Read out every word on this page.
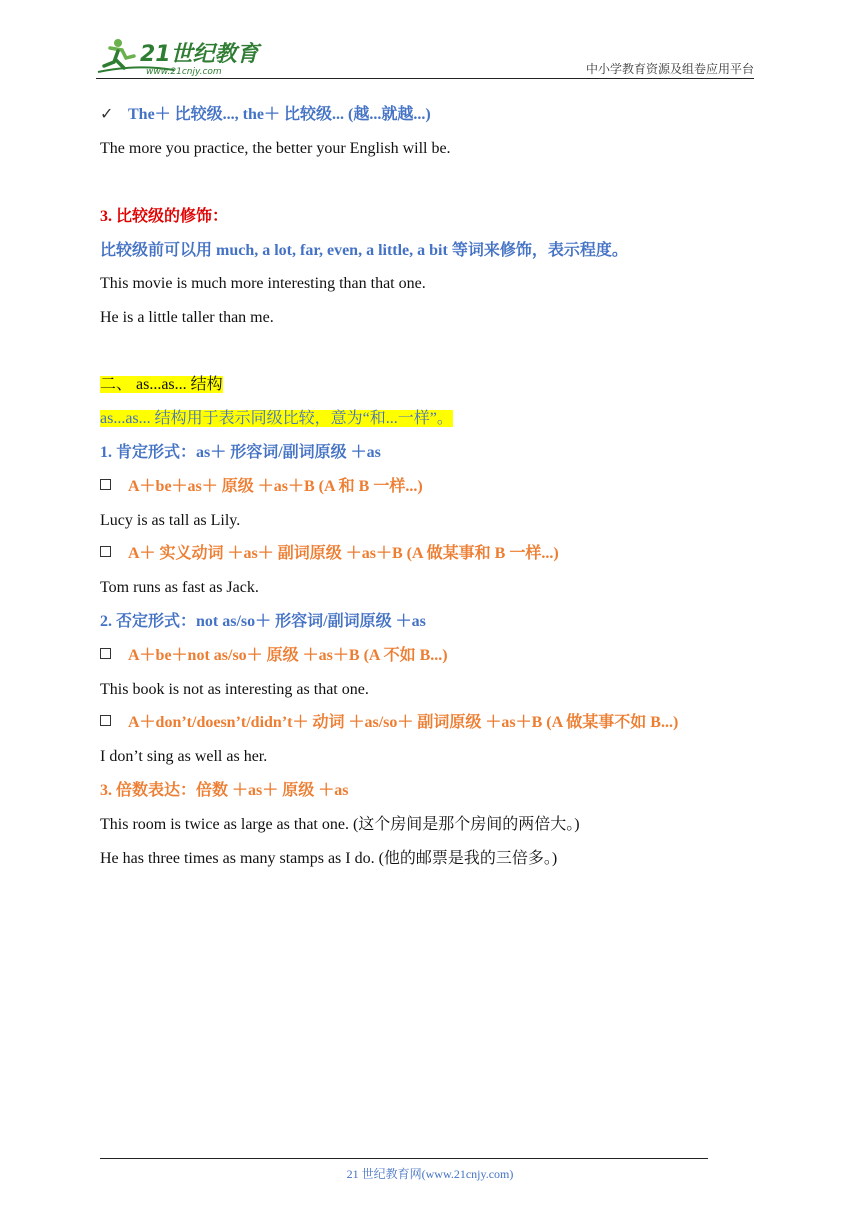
21世纪教育
www.21cnjy.com	中小学教育资源及组卷应用平台
✓ The＋ 比较级..., the＋ 比较级... (越...就越...)
The more you practice, the better your English will be.
3. 比较级的修饰：
比较级前可以用 much, a lot, far, even, a little, a bit 等词来修饰，表示程度。
This movie is much more interesting than that one.
He is a little taller than me.
二、 as...as... 结构
as...as... 结构用于表示同级比较，意为“和...一样”。
1. 肯定形式：as＋ 形容词/副词原级 ＋as
A＋be＋as＋ 原级 ＋as＋B (A 和 B 一样...)
Lucy is as tall as Lily.
A＋ 实义动词 ＋as＋ 副词原级 ＋as＋B (A 做某事和 B 一样...)
Tom runs as fast as Jack.
2. 否定形式：not as/so＋ 形容词/副词原级 ＋as
A＋be＋not as/so＋ 原级 ＋as＋B (A 不如 B...)
This book is not as interesting as that one.
A＋don’t/doesn’t/didn’t＋ 动词 ＋as/so＋ 副词原级 ＋as＋B (A 做某事不如 B...)
I don’t sing as well as her.
3. 倍数表达：倍数 ＋as＋ 原级 ＋as
This room is twice as large as that one. (这个房间是那个房间的两倍大。)
He has three times as many stamps as I do. (他的邮票是我的三倍多。)
21 世纪教育网(www.21cnjy.com)
